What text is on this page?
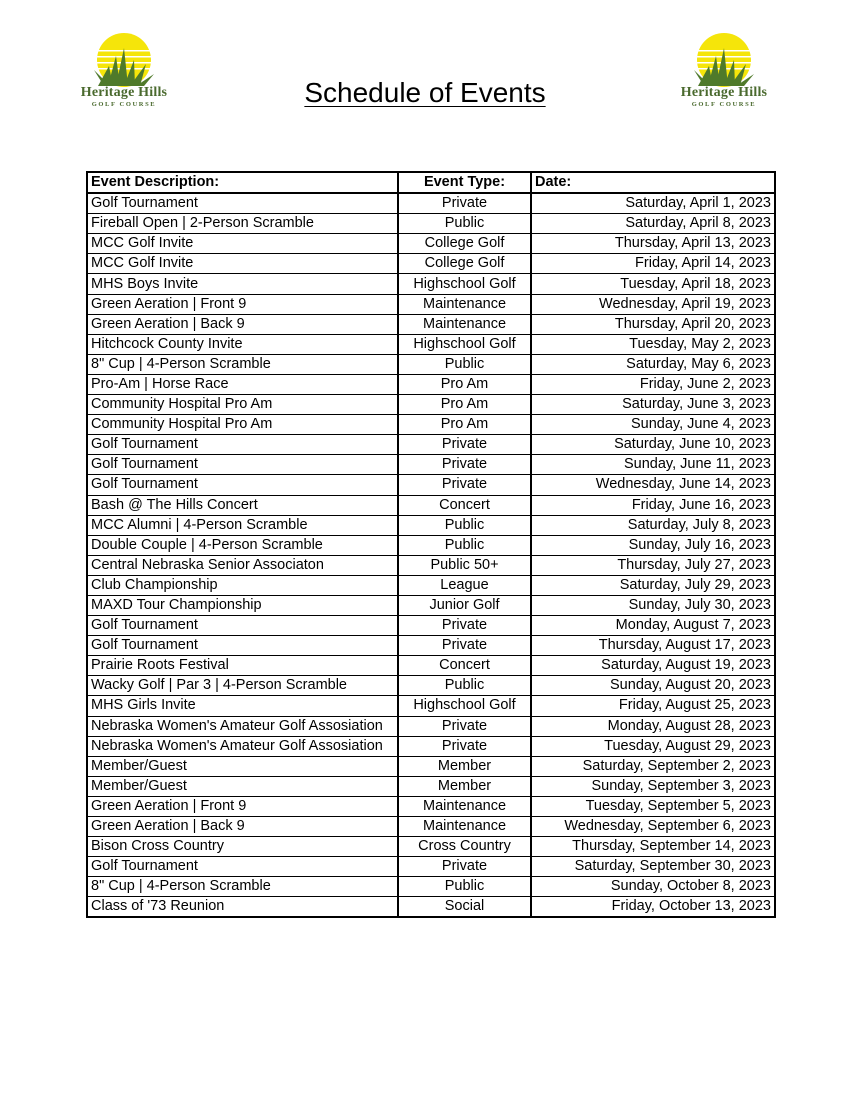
Heritage Hills
GOLF COURSE
Heritage Hills
GOLF COURSE
Schedule of Events
Event Description:	Event Type:	Date:
Golf Tournament	Private	Saturday, April 1, 2023
Fireball Open | 2-Person Scramble	Public	Saturday, April 8, 2023
MCC Golf Invite	College Golf	Thursday, April 13, 2023
MCC Golf Invite	College Golf	Friday, April 14, 2023
MHS Boys Invite	Highschool Golf	Tuesday, April 18, 2023
Green Aeration | Front 9	Maintenance	Wednesday, April 19, 2023
Green Aeration | Back 9	Maintenance	Thursday, April 20, 2023
Hitchcock County Invite	Highschool Golf	Tuesday, May 2, 2023
8" Cup | 4-Person Scramble	Public	Saturday, May 6, 2023
Pro-Am | Horse Race	Pro Am	Friday, June 2, 2023
Community Hospital Pro Am	Pro Am	Saturday, June 3, 2023
Community Hospital Pro Am	Pro Am	Sunday, June 4, 2023
Golf Tournament	Private	Saturday, June 10, 2023
Golf Tournament	Private	Sunday, June 11, 2023
Golf Tournament	Private	Wednesday, June 14, 2023
Bash @ The Hills Concert	Concert	Friday, June 16, 2023
MCC Alumni | 4-Person Scramble	Public	Saturday, July 8, 2023
Double Couple | 4-Person Scramble	Public	Sunday, July 16, 2023
Central Nebraska Senior Associaton	Public 50+	Thursday, July 27, 2023
Club Championship	League	Saturday, July 29, 2023
MAXD Tour Championship	Junior Golf	Sunday, July 30, 2023
Golf Tournament	Private	Monday, August 7, 2023
Golf Tournament	Private	Thursday, August 17, 2023
Prairie Roots Festival	Concert	Saturday, August 19, 2023
Wacky Golf | Par 3 | 4-Person Scramble	Public	Sunday, August 20, 2023
MHS Girls Invite	Highschool Golf	Friday, August 25, 2023
Nebraska Women's Amateur Golf Assosiation	Private	Monday, August 28, 2023
Nebraska Women's Amateur Golf Assosiation	Private	Tuesday, August 29, 2023
Member/Guest	Member	Saturday, September 2, 2023
Member/Guest	Member	Sunday, September 3, 2023
Green Aeration | Front 9	Maintenance	Tuesday, September 5, 2023
Green Aeration | Back 9	Maintenance	Wednesday, September 6, 2023
Bison Cross Country	Cross Country	Thursday, September 14, 2023
Golf Tournament	Private	Saturday, September 30, 2023
8" Cup | 4-Person Scramble	Public	Sunday, October 8, 2023
Class of '73 Reunion	Social	Friday, October 13, 2023
